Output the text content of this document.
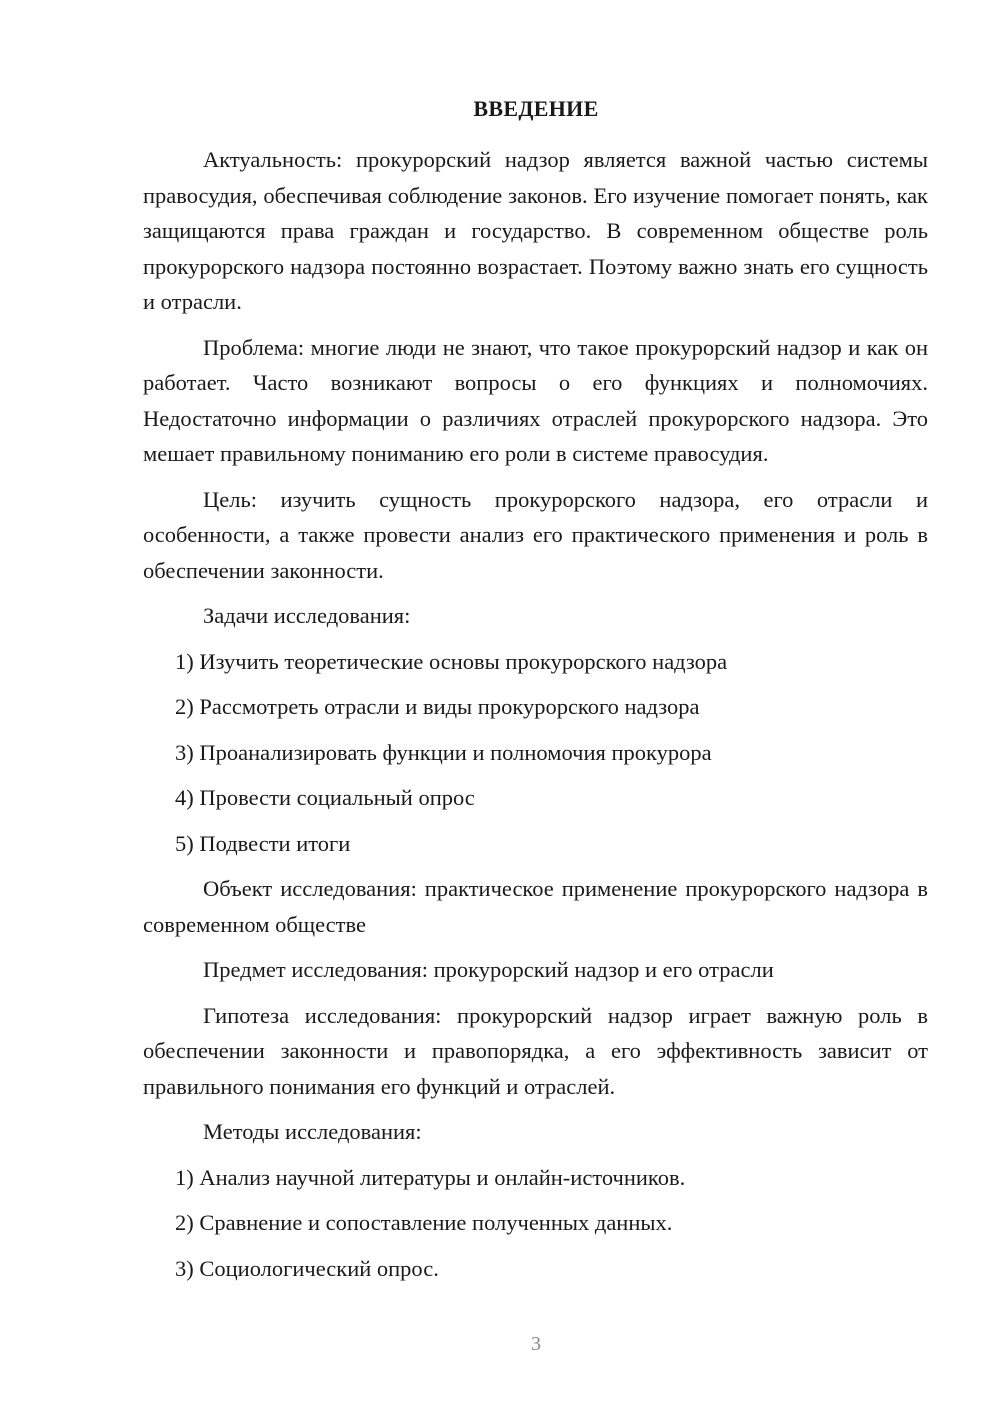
ВВЕДЕНИЕ

Актуальность: прокурорский надзор является важной частью системы правосудия, обеспечивая соблюдение законов. Его изучение помогает понять, как защищаются права граждан и государство. В современном обществе роль прокурорского надзора постоянно возрастает. Поэтому важно знать его сущность и отрасли.

Проблема: многие люди не знают, что такое прокурорский надзор и как он работает. Часто возникают вопросы о его функциях и полномочиях. Недостаточно информации о различиях отраслей прокурорского надзора. Это мешает правильному пониманию его роли в системе правосудия.

Цель: изучить сущность прокурорского надзора, его отрасли и особенности, а также провести анализ его практического применения и роль в обеспечении законности.

Задачи исследования:

1) Изучить теоретические основы прокурорского надзора
2) Рассмотреть отрасли и виды прокурорского надзора
3) Проанализировать функции и полномочия прокурора
4) Провести социальный опрос
5) Подвести итоги

Объект исследования: практическое применение прокурорского надзора в современном обществе

Предмет исследования: прокурорский надзор и его отрасли

Гипотеза исследования: прокурорский надзор играет важную роль в обеспечении законности и правопорядка, а его эффективность зависит от правильного понимания его функций и отраслей.

Методы исследования:

1) Анализ научной литературы и онлайн-источников.
2) Сравнение и сопоставление полученных данных.
3) Социологический опрос.
3
